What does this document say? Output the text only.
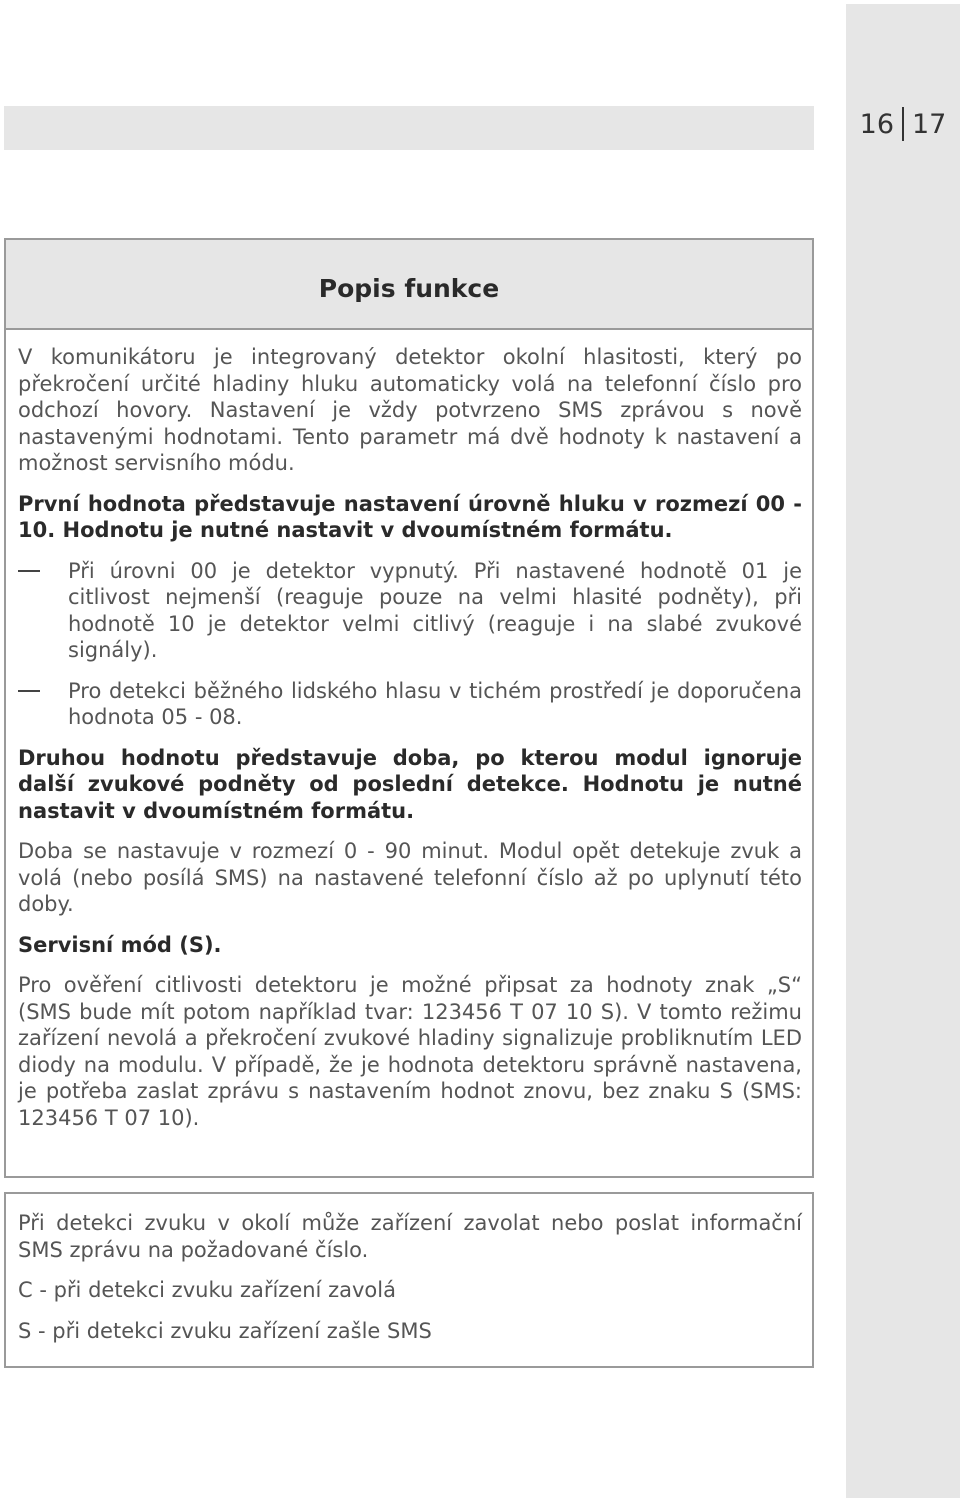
16 17
Popis funkce

V komunikátoru je integrovaný detektor okolní hlasitosti, který po překročení určité hladiny hluku automaticky volá na telefonní číslo pro odchozí hovory. Nastavení je vždy potvrzeno SMS zprávou s nově nastavenými hodnotami. Tento parametr má dvě hodnoty k nastavení a možnost servisního módu.

První hodnota představuje nastavení úrovně hluku v rozmezí 00 - 10. Hodnotu je nutné nastavit v dvoumístném formátu.

Při úrovni 00 je detektor vypnutý. Při nastavené hodnotě 01 je citlivost nejmenší (reaguje pouze na velmi hlasité podněty), při hodnotě 10 je detektor velmi citlivý (reaguje i na slabé zvukové signály).

Pro detekci běžného lidského hlasu v tichém prostředí je doporučena hodnota 05 - 08.

Druhou hodnotu představuje doba, po kterou modul ignoruje další zvukové podněty od poslední detekce. Hodnotu je nutné nastavit v dvoumístném formátu.

Doba se nastavuje v rozmezí 0 - 90 minut. Modul opět detekuje zvuk a volá (nebo posílá SMS) na nastavené telefonní číslo až po uplynutí této doby.

Servisní mód (S).

Pro ověření citlivosti detektoru je možné připsat za hodnoty znak „S“ (SMS bude mít potom například tvar: 123456 T 07 10 S). V tomto režimu zařízení nevolá a překročení zvukové hladiny signalizuje probliknutím LED diody na modulu. V případě, že je hodnota detektoru správně nastavena, je potřeba zaslat zprávu s nastavením hodnot znovu, bez znaku S (SMS: 123456 T 07 10).

Při detekci zvuku v okolí může zařízení zavolat nebo poslat informační SMS zprávu na požadované číslo.

C - při detekci zvuku zařízení zavolá

S - při detekci zvuku zařízení zašle SMS
